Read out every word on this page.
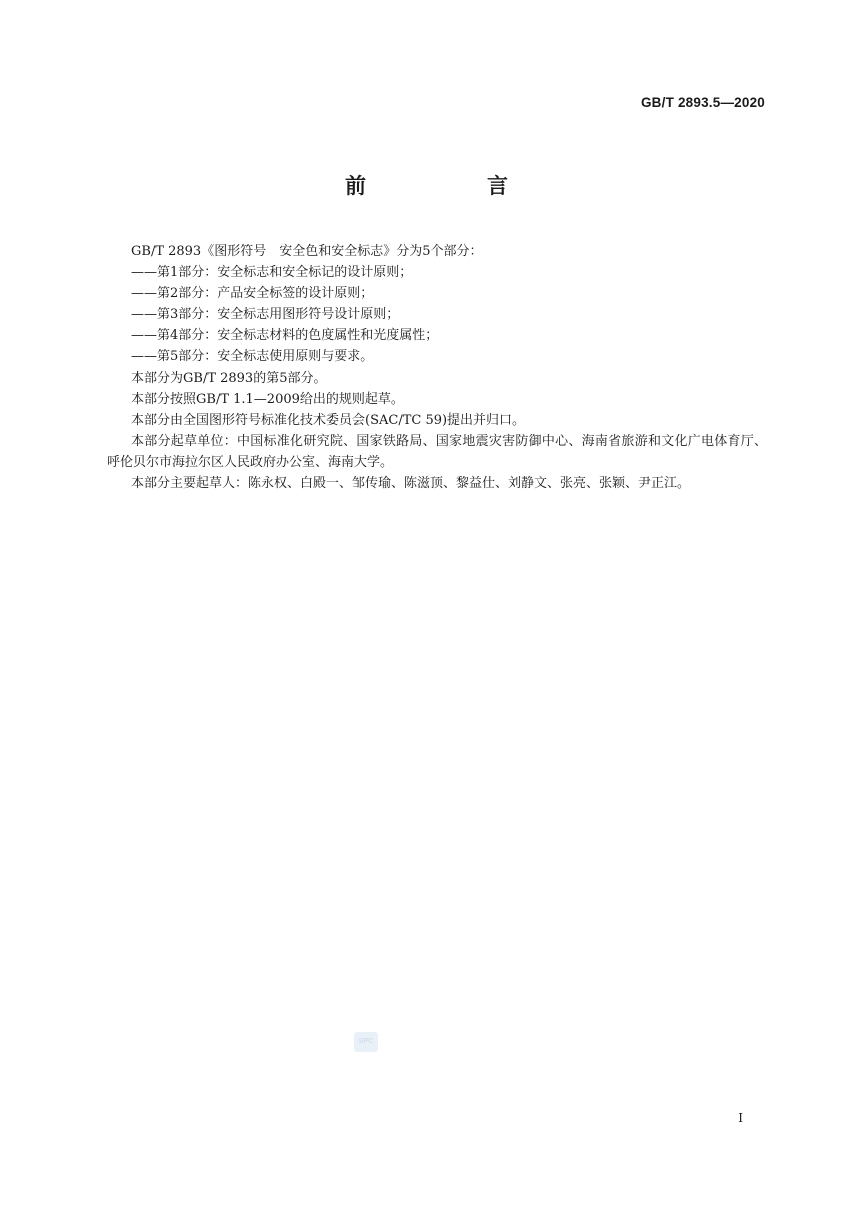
GB/T 2893.5—2020
前　言

GB/T 2893《图形符号　安全色和安全标志》分为5个部分：

——第1部分：安全标志和安全标记的设计原则；

——第2部分：产品安全标签的设计原则；

——第3部分：安全标志用图形符号设计原则；

——第4部分：安全标志材料的色度属性和光度属性；

——第5部分：安全标志使用原则与要求。

本部分为GB/T 2893的第5部分。

本部分按照GB/T 1.1—2009给出的规则起草。

本部分由全国图形符号标准化技术委员会(SAC/TC 59)提出并归口。

本部分起草单位：中国标准化研究院、国家铁路局、国家地震灾害防御中心、海南省旅游和文化广电体育厅、呼伦贝尔市海拉尔区人民政府办公室、海南大学。

本部分主要起草人：陈永权、白殿一、邹传瑜、陈滋顶、黎益仕、刘静文、张亮、张颖、尹正江。

SPC
I
